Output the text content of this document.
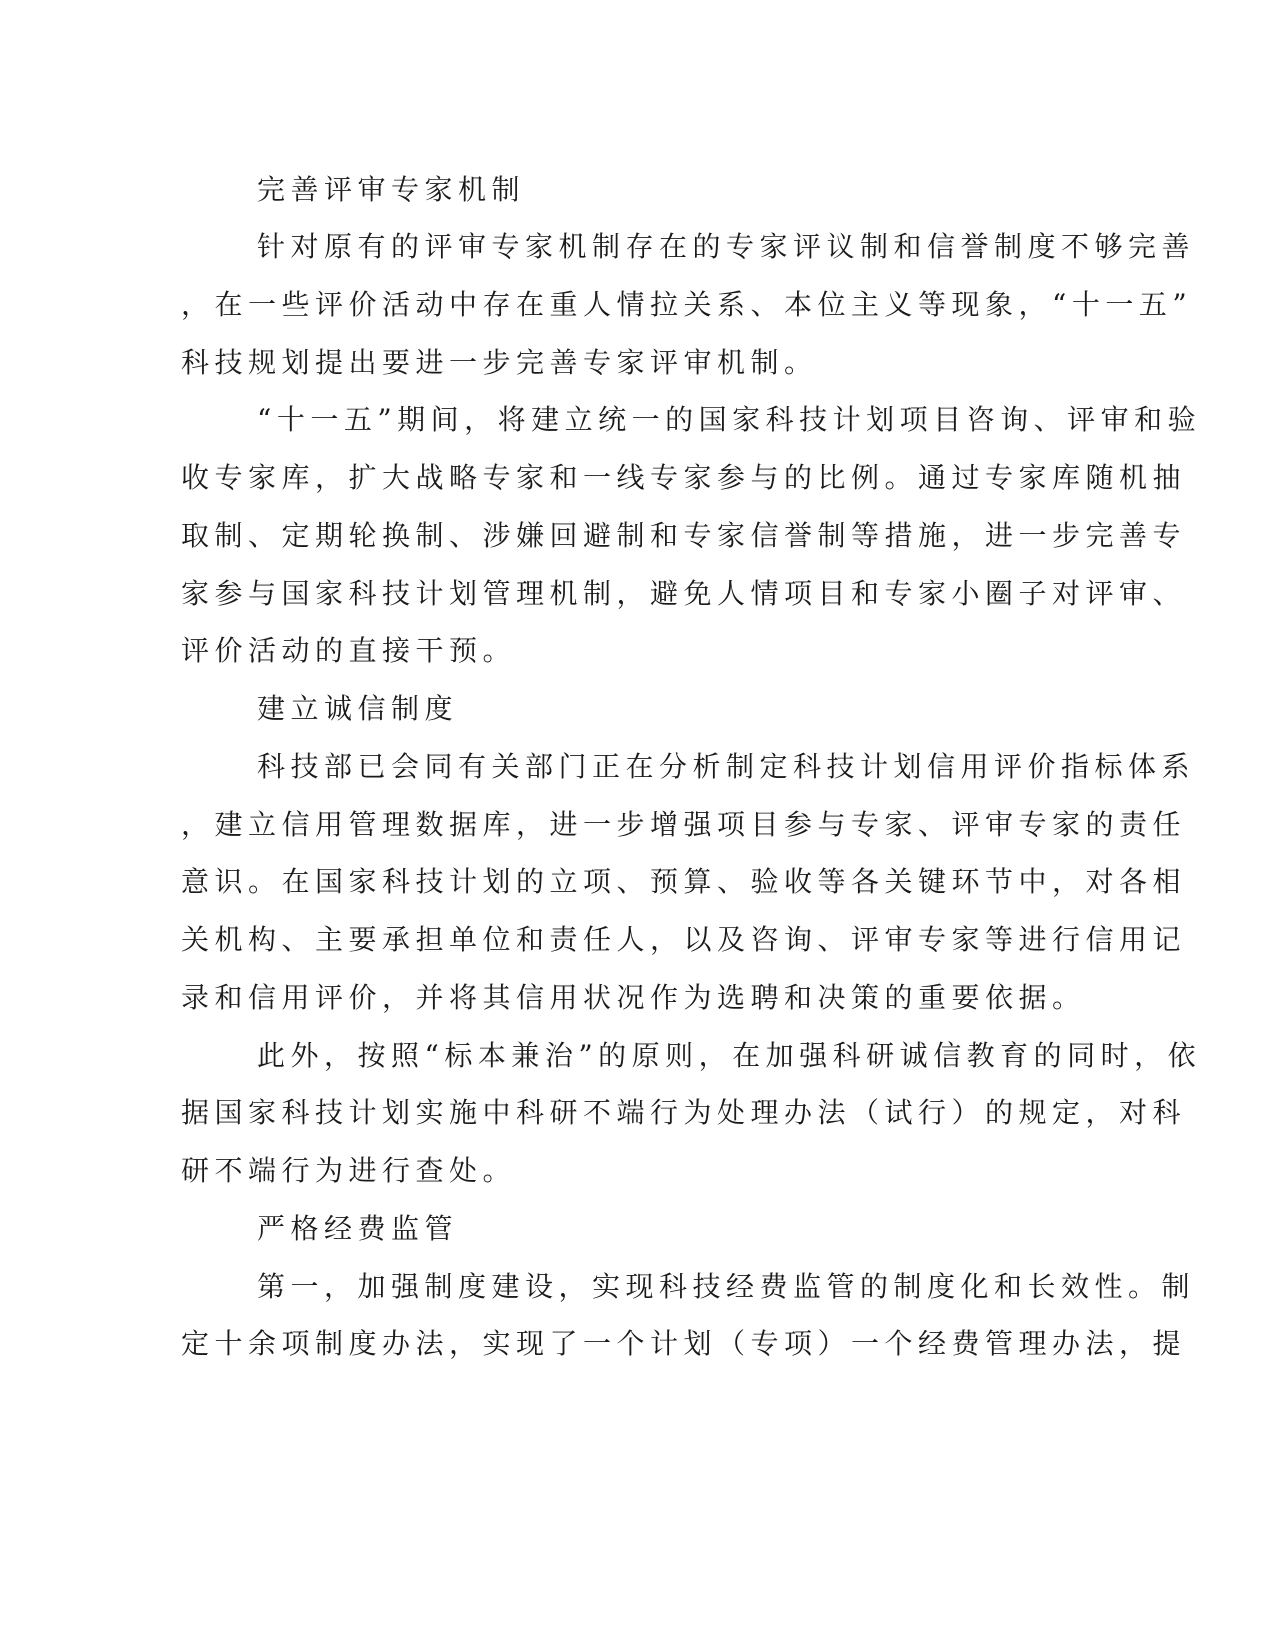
完善评审专家机制
针对原有的评审专家机制存在的专家评议制和信誉制度不够完善
，在一些评价活动中存在重人情拉关系、本位主义等现象，“十一五”
科技规划提出要进一步完善专家评审机制。
“十一五”期间，将建立统一的国家科技计划项目咨询、评审和验
收专家库，扩大战略专家和一线专家参与的比例。通过专家库随机抽
取制、定期轮换制、涉嫌回避制和专家信誉制等措施，进一步完善专
家参与国家科技计划管理机制，避免人情项目和专家小圈子对评审、
评价活动的直接干预。
建立诚信制度
科技部已会同有关部门正在分析制定科技计划信用评价指标体系
，建立信用管理数据库，进一步增强项目参与专家、评审专家的责任
意识。在国家科技计划的立项、预算、验收等各关键环节中，对各相
关机构、主要承担单位和责任人，以及咨询、评审专家等进行信用记
录和信用评价，并将其信用状况作为选聘和决策的重要依据。
此外，按照“标本兼治”的原则，在加强科研诚信教育的同时，依
据国家科技计划实施中科研不端行为处理办法（试行）的规定，对科
研不端行为进行查处。
严格经费监管
第一，加强制度建设，实现科技经费监管的制度化和长效性。制
定十余项制度办法，实现了一个计划（专项）一个经费管理办法，提
